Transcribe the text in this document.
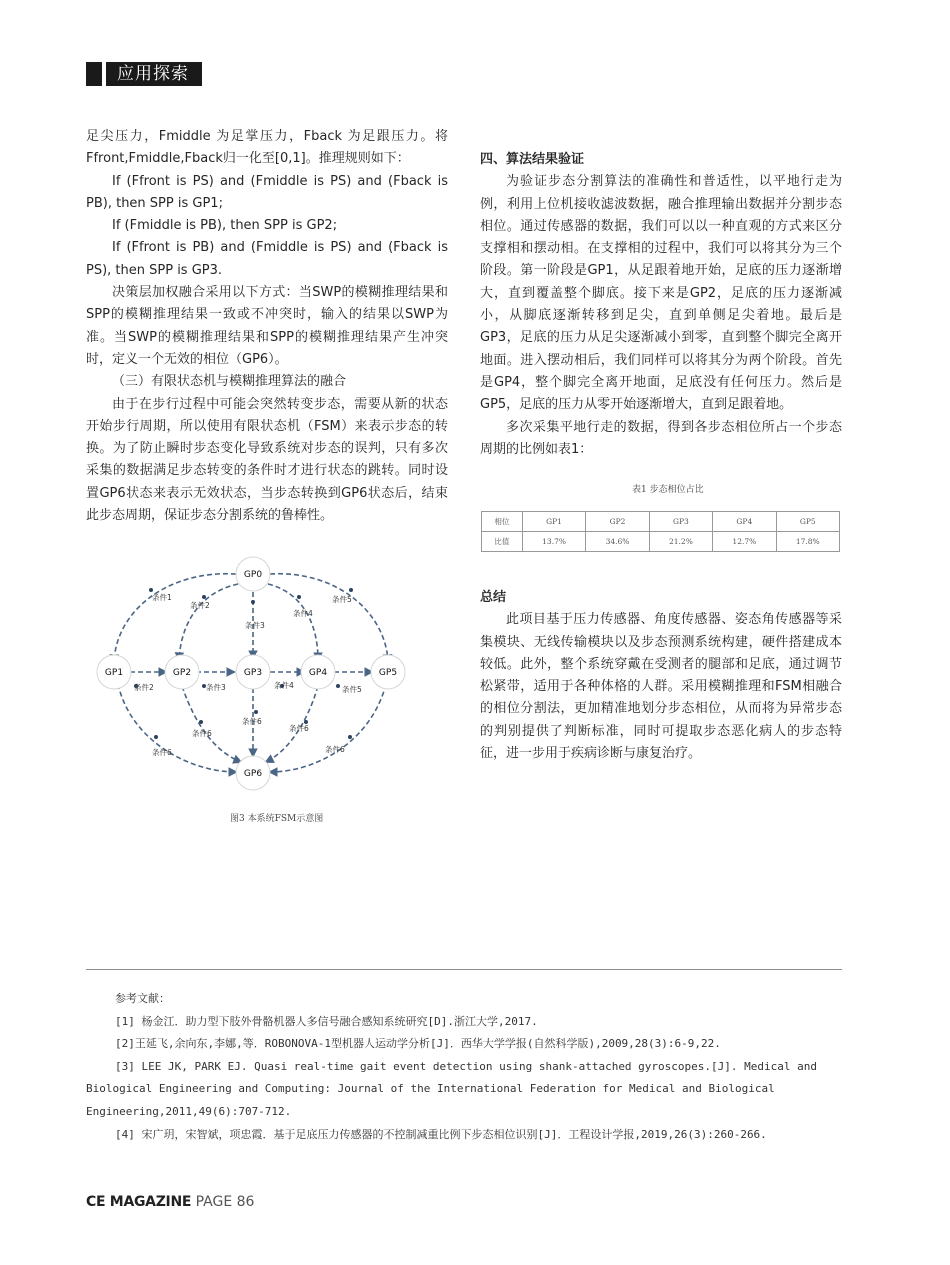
应用探索

足尖压力，Fmiddle 为足掌压力，Fback 为足跟压力。将Ffront,Fmiddle,Fback归一化至[0,1]。推理规则如下：

If (Ffront is PS) and (Fmiddle is PS) and (Fback is PB), then SPP is GP1;

If (Fmiddle is PB), then SPP is GP2;

If (Ffront is PB) and (Fmiddle is PS) and (Fback is PS), then SPP is GP3.

决策层加权融合采用以下方式：当SWP的模糊推理结果和SPP的模糊推理结果一致或不冲突时，输入的结果以SWP为准。当SWP的模糊推理结果和SPP的模糊推理结果产生冲突时，定义一个无效的相位（GP6）。

（三）有限状态机与模糊推理算法的融合

由于在步行过程中可能会突然转变步态，需要从新的状态开始步行周期，所以使用有限状态机（FSM）来表示步态的转换。为了防止瞬时步态变化导致系统对步态的误判，只有多次采集的数据满足步态转变的条件时才进行状态的跳转。同时设置GP6状态来表示无效状态，当步态转换到GP6状态后，结束此步态周期，保证步态分割系统的鲁棒性。

GP0
GP1	GP2	GP3	GP4	GP5
GP6
条件1
条件2
条件3
条件4
条件5
条件2	条件3	条件4	条件5
条件6
条件6
条件6
条件6
条件6
图3 本系统FSM示意图
四、算法结果验证

为验证步态分割算法的准确性和普适性，以平地行走为例，利用上位机接收滤波数据，融合推理输出数据并分割步态相位。通过传感器的数据，我们可以以一种直观的方式来区分支撑相和摆动相。在支撑相的过程中，我们可以将其分为三个阶段。第一阶段是GP1，从足跟着地开始，足底的压力逐渐增大，直到覆盖整个脚底。接下来是GP2，足底的压力逐渐减小，从脚底逐渐转移到足尖，直到单侧足尖着地。最后是GP3，足底的压力从足尖逐渐减小到零，直到整个脚完全离开地面。进入摆动相后，我们同样可以将其分为两个阶段。首先是GP4，整个脚完全离开地面，足底没有任何压力。然后是GP5，足底的压力从零开始逐渐增大，直到足跟着地。

多次采集平地行走的数据，得到各步态相位所占一个步态周期的比例如表1：

表1 步态相位占比
相位	GP1	GP2	GP3	GP4	GP5
比值	13.7%	34.6%	21.2%	12.7%	17.8%
总结

此项目基于压力传感器、角度传感器、姿态角传感器等采集模块、无线传输模块以及步态预测系统构建，硬件搭建成本较低。此外，整个系统穿戴在受测者的腿部和足底，通过调节松紧带，适用于各种体格的人群。采用模糊推理和FSM相融合的相位分割法，更加精准地划分步态相位，从而将为异常步态的判别提供了判断标准，同时可提取步态恶化病人的步态特征，进一步用于疾病诊断与康复治疗。

参考文献：

[1] 杨金江．助力型下肢外骨骼机器人多信号融合感知系统研究[D].浙江大学,2017.

[2]王延飞,余向东,李娜,等．ROBONOVA-1型机器人运动学分析[J]．西华大学学报(自然科学版),2009,28(3):6-9,22.

[3] LEE JK, PARK EJ. Quasi real-time gait event detection using shank-attached gyroscopes.[J]. Medical and Biological Engineering and Computing: Journal of the International Federation for Medical and Biological Engineering,2011,49(6):707-712.

[4] 宋广玥，宋智斌，项忠霞．基于足底压力传感器的不控制减重比例下步态相位识别[J]．工程设计学报,2019,26(3):260-266.

CE MAGAZINE PAGE 86
